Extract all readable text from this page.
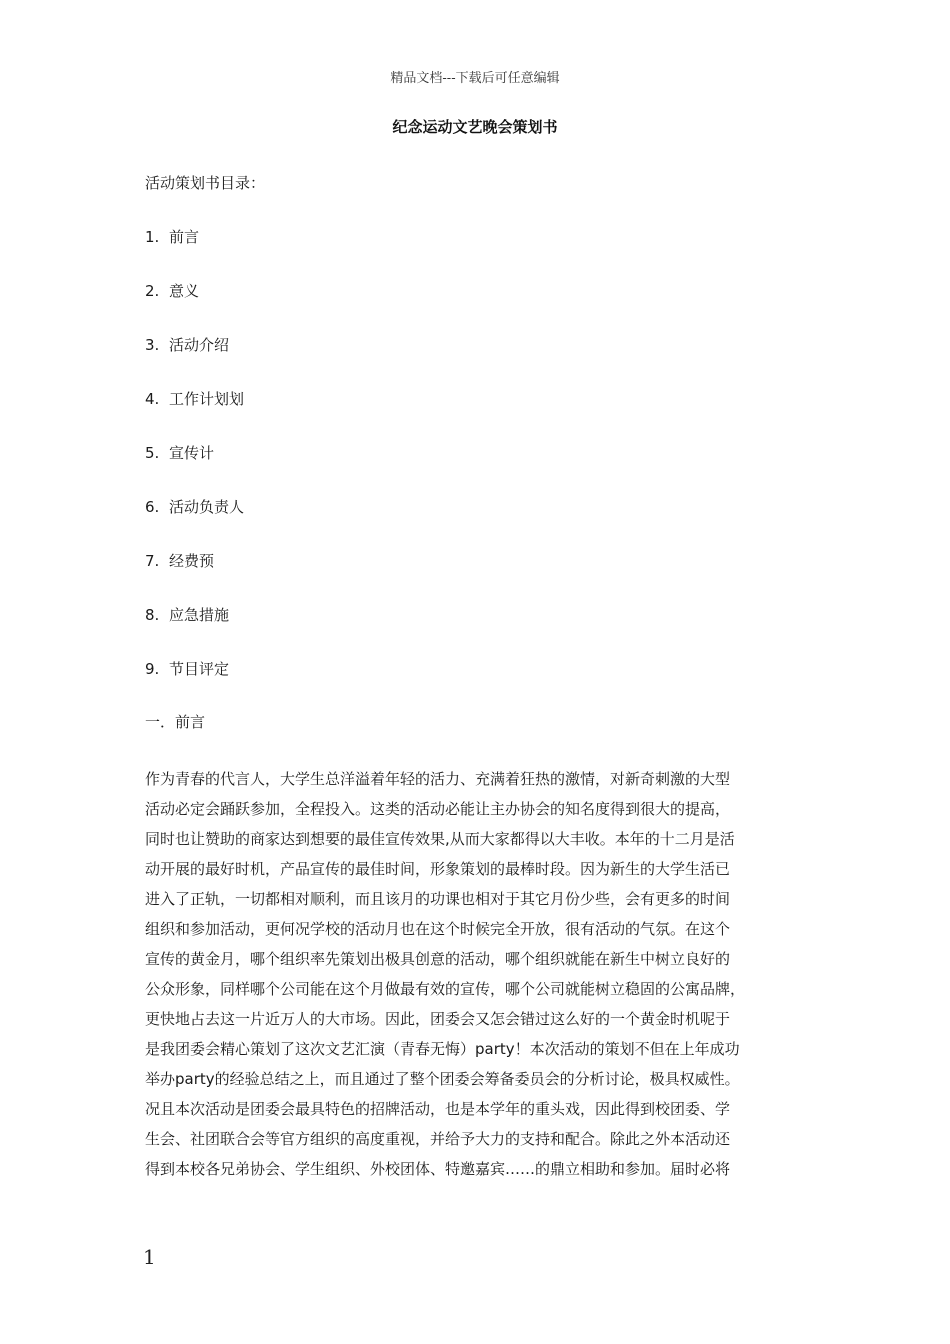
精品文档---下载后可任意编辑
纪念运动文艺晚会策划书
活动策划书目录：
1. 前言
2. 意义
3. 活动介绍
4. 工作计划划
5. 宣传计
6. 活动负责人
7. 经费预
8. 应急措施
9. 节目评定
一．前言
作为青春的代言人，大学生总洋溢着年轻的活力、充满着狂热的激情，对新奇刺激的大型
活动必定会踊跃参加，全程投入。这类的活动必能让主办协会的知名度得到很大的提高，
同时也让赞助的商家达到想要的最佳宣传效果,从而大家都得以大丰收。本年的十二月是活
动开展的最好时机，产品宣传的最佳时间，形象策划的最棒时段。因为新生的大学生活已
进入了正轨，一切都相对顺利，而且该月的功课也相对于其它月份少些，会有更多的时间
组织和参加活动，更何况学校的活动月也在这个时候完全开放，很有活动的气氛。在这个
宣传的黄金月，哪个组织率先策划出极具创意的活动，哪个组织就能在新生中树立良好的
公众形象，同样哪个公司能在这个月做最有效的宣传，哪个公司就能树立稳固的公寓品牌，
更快地占去这一片近万人的大市场。因此，团委会又怎会错过这么好的一个黄金时机呢于
是我团委会精心策划了这次文艺汇演（青春无悔）party！本次活动的策划不但在上年成功
举办party的经验总结之上，而且通过了整个团委会筹备委员会的分析讨论，极具权威性。
况且本次活动是团委会最具特色的招牌活动，也是本学年的重头戏，因此得到校团委、学
生会、社团联合会等官方组织的高度重视，并给予大力的支持和配合。除此之外本活动还
得到本校各兄弟协会、学生组织、外校团体、特邀嘉宾……的鼎立相助和参加。届时必将
1
